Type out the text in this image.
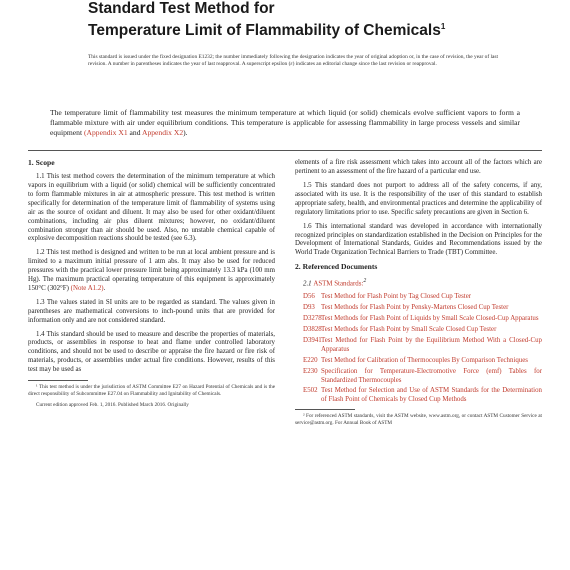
Standard Test Method for
Temperature Limit of Flammability of Chemicals$^1$
This standard is issued under the fixed designation E1232; the number immediately following the designation indicates the year of original adoption or, in the case of revision, the year of last revision. A number in parentheses indicates the year of last reapproval. A superscript epsilon (ε) indicates an editorial change since the last revision or reapproval.
The temperature limit of flammability test measures the minimum temperature at which liquid (or solid) chemicals evolve sufficient vapors to form a flammable mixture with air under equilibrium conditions. This temperature is applicable for assessing flammability in large process vessels and similar equipment (Appendix X1 and Appendix X2).

1. Scope

1.1 This test method covers the determination of the minimum temperature at which vapors in equilibrium with a liquid (or solid) chemical will be sufficiently concentrated to form flammable mixtures in air at atmospheric pressure. This test method is written specifically for determination of the temperature limit of flammability of systems using air as the source of oxidant and diluent. It may also be used for other oxidant/diluent combinations, including air plus diluent mixtures; however, no oxidant/diluent combination stronger than air should be used. Also, no unstable chemical capable of explosive decomposition reactions should be tested (see 6.3).

1.2 This test method is designed and written to be run at local ambient pressure and is limited to a maximum initial pressure of 1 atm abs. It may also be used for reduced pressures with the practical lower pressure limit being approximately 13.3 kPa (100 mm Hg). The maximum practical operating temperature of this equipment is approximately 150°C (302°F) (Note A1.2).

1.3 The values stated in SI units are to be regarded as standard. The values given in parentheses are mathematical conversions to inch-pound units that are provided for information only and are not considered standard.

1.4 This standard should be used to measure and describe the properties of materials, products, or assemblies in response to heat and flame under controlled laboratory conditions, and should not be used to describe or appraise the fire hazard or fire risk of materials, products, or assemblies under actual fire conditions. However, results of this test may be used as

¹ This test method is under the jurisdiction of ASTM Committee E27 on Hazard Potential of Chemicals and is the direct responsibility of Subcommittee E27.04 on Flammability and Ignitability of Chemicals.

Current edition approved Feb. 1, 2016. Published March 2016. Originally

elements of a fire risk assessment which takes into account all of the factors which are pertinent to an assessment of the fire hazard of a particular end use.

1.5 This standard does not purport to address all of the safety concerns, if any, associated with its use. It is the responsibility of the user of this standard to establish appropriate safety, health, and environmental practices and determine the applicability of regulatory limitations prior to use. Specific safety precautions are given in Section 6.

1.6 This international standard was developed in accordance with internationally recognized principles on standardization established in the Decision on Principles for the Development of International Standards, Guides and Recommendations issued by the World Trade Organization Technical Barriers to Trade (TBT) Committee.

2. Referenced Documents

2.1 ASTM Standards:$^2$
D56 Test Method for Flash Point by Tag Closed Cup Tester
D93 Test Methods for Flash Point by Pensky-Martens Closed Cup Tester
D3278 Test Methods for Flash Point of Liquids by Small Scale Closed-Cup Apparatus
D3828 Test Methods for Flash Point by Small Scale Closed Cup Tester
D3941 Test Method for Flash Point by the Equilibrium Method With a Closed-Cup Apparatus
E220 Test Method for Calibration of Thermocouples By Comparison Techniques
E230 Specification for Temperature-Electromotive Force (emf) Tables for Standardized Thermocouples
E502 Test Method for Selection and Use of ASTM Standards for the Determination of Flash Point of Chemicals by Closed Cup Methods

² For referenced ASTM standards, visit the ASTM website, www.astm.org, or contact ASTM Customer Service at service@astm.org. For Annual Book of ASTM
